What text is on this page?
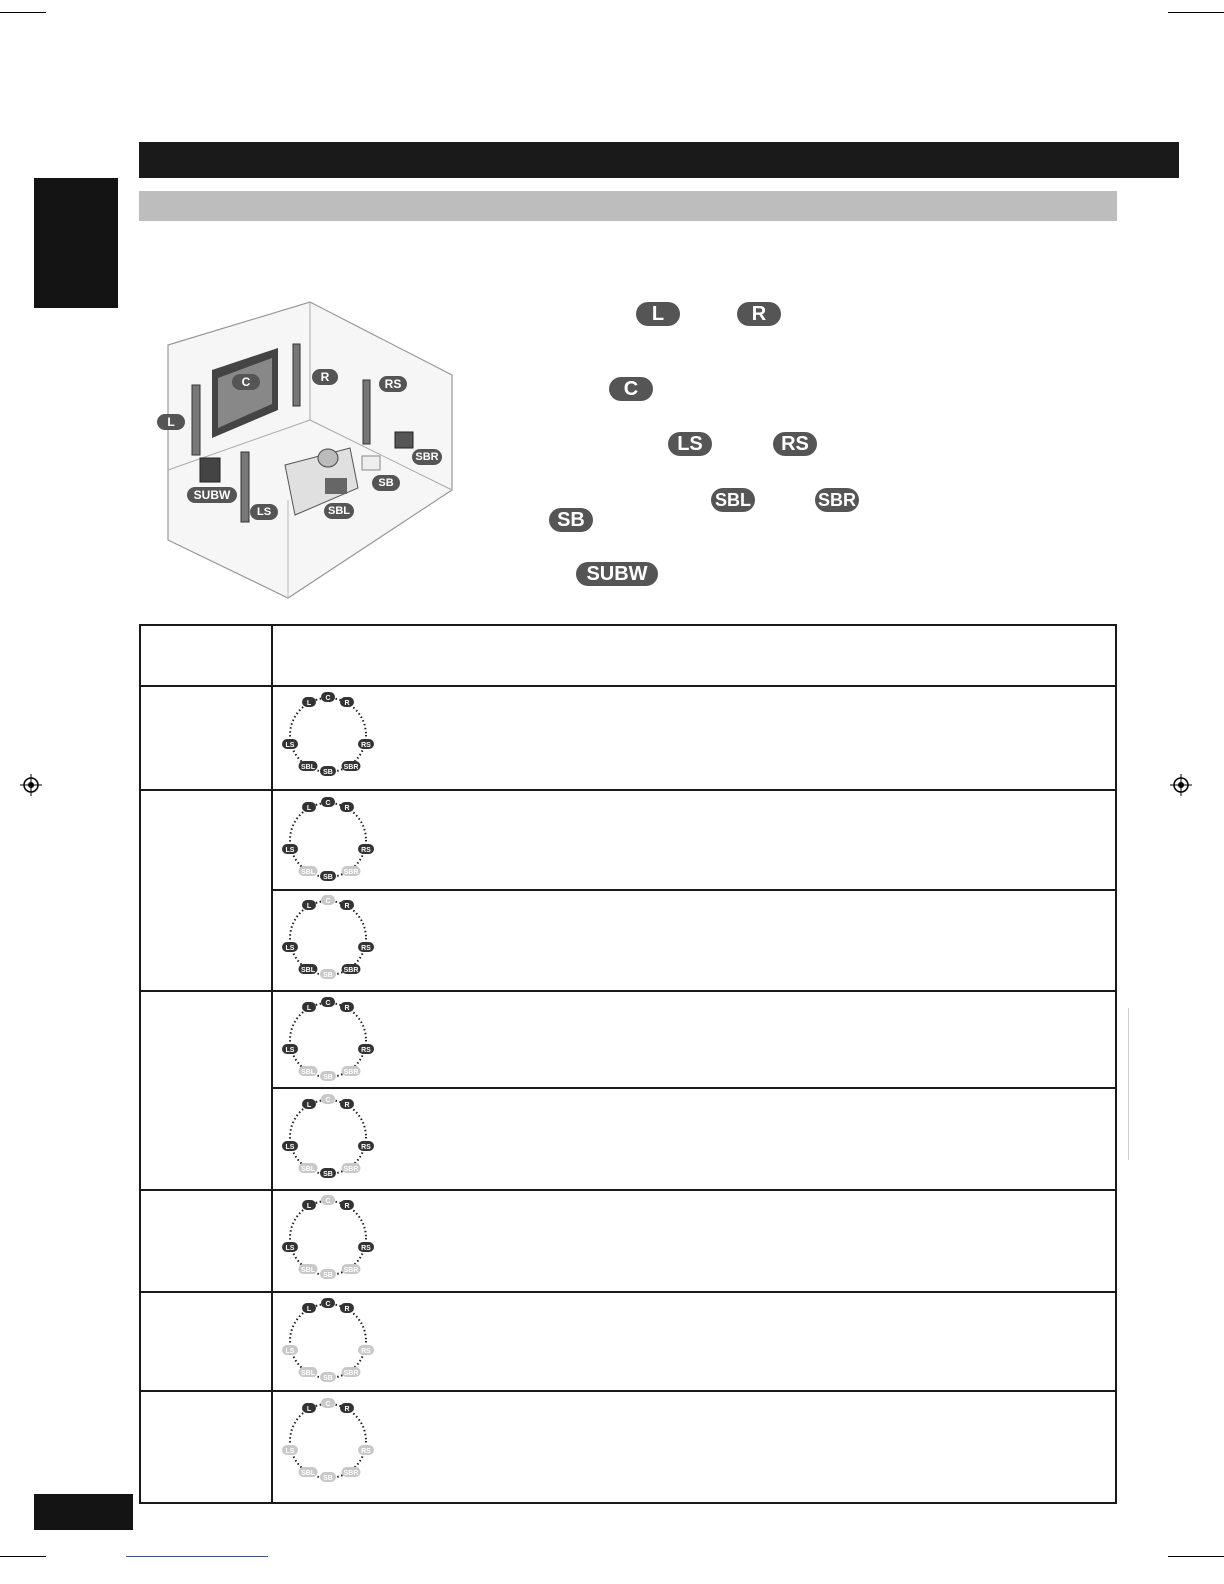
C	R	RS
L
SBR
SB
SUBW
LS	SBL
L	R
C
LS	RS
SBL	SBR
SB
SUBW
C
L	R
LS	RS
SBL	SBR
SB
C
L	R
LS	RS
SBL	SBR
SB
C
L	R
LS	RS
SBL	SBR
SB
C
L	R
LS	RS
SBL	SBR
SB
C
L	R
LS	RS
SBL	SBR
SB
C
L	R
LS	RS
SBL	SBR
SB
C
L	R
LS	RS
SBL	SBR
SB
C
L	R
LS	RS
SBL	SBR
SB
